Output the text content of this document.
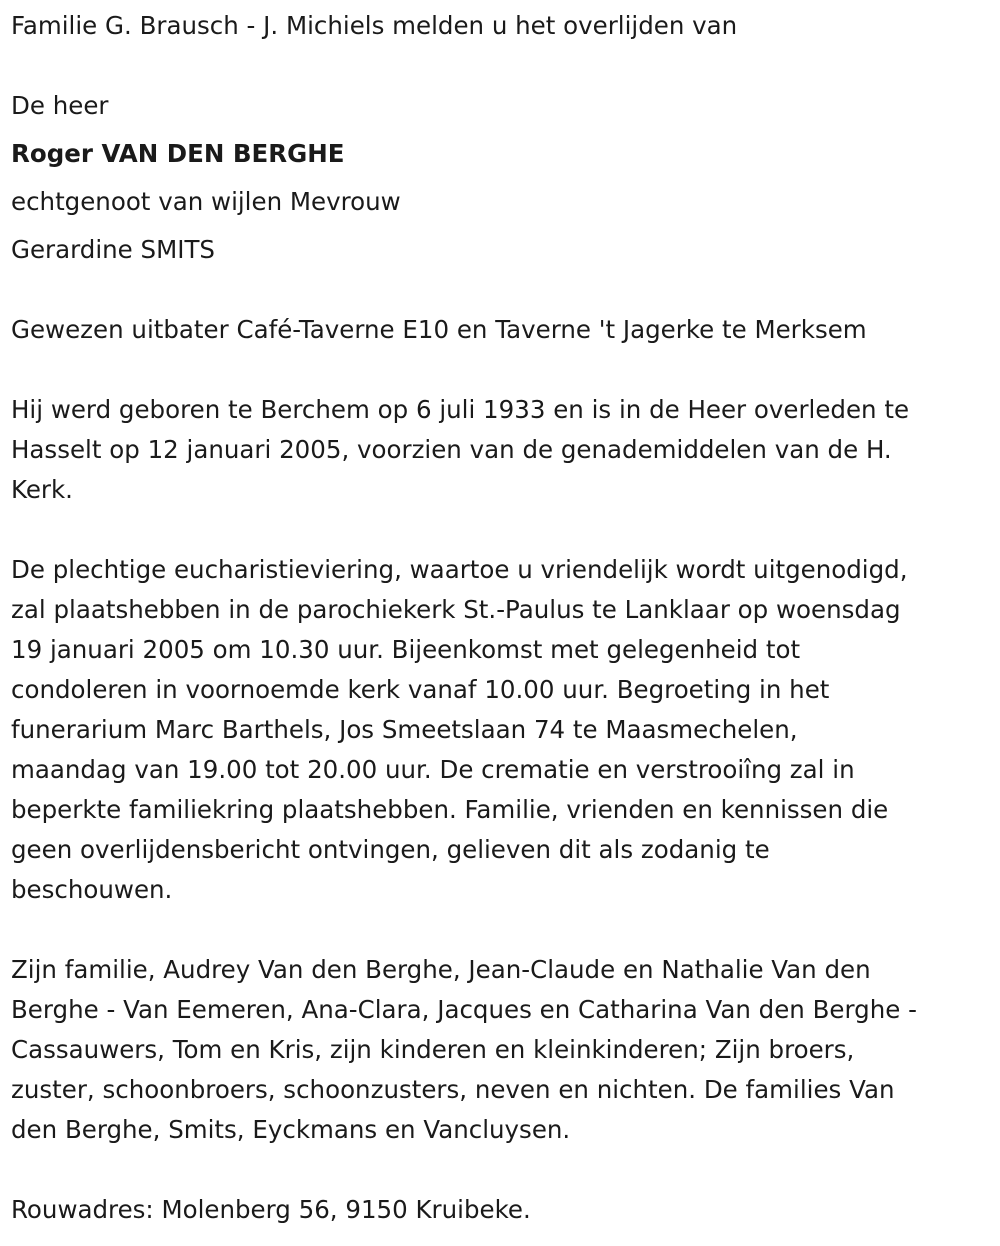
Familie G. Brausch - J. Michiels melden u het overlijden van
De heer
Roger VAN DEN BERGHE
echtgenoot van wijlen Mevrouw
Gerardine SMITS
Gewezen uitbater Café-Taverne E10 en Taverne 't Jagerke te Merksem
Hij werd geboren te Berchem op 6 juli 1933 en is in de Heer overleden te
Hasselt op 12 januari 2005, voorzien van de genademiddelen van de H.
Kerk.
De plechtige eucharistieviering, waartoe u vriendelijk wordt uitgenodigd,
zal plaatshebben in de parochiekerk St.-Paulus te Lanklaar op woensdag
19 januari 2005 om 10.30 uur. Bijeenkomst met gelegenheid tot
condoleren in voornoemde kerk vanaf 10.00 uur. Begroeting in het
funerarium Marc Barthels, Jos Smeetslaan 74 te Maasmechelen,
maandag van 19.00 tot 20.00 uur. De crematie en verstrooiîng zal in
beperkte familiekring plaatshebben. Familie, vrienden en kennissen die
geen overlijdensbericht ontvingen, gelieven dit als zodanig te
beschouwen.
Zijn familie, Audrey Van den Berghe, Jean-Claude en Nathalie Van den
Berghe - Van Eemeren, Ana-Clara, Jacques en Catharina Van den Berghe -
Cassauwers, Tom en Kris, zijn kinderen en kleinkinderen; Zijn broers,
zuster, schoonbroers, schoonzusters, neven en nichten. De families Van
den Berghe, Smits, Eyckmans en Vancluysen.
Rouwadres: Molenberg 56, 9150 Kruibeke.
